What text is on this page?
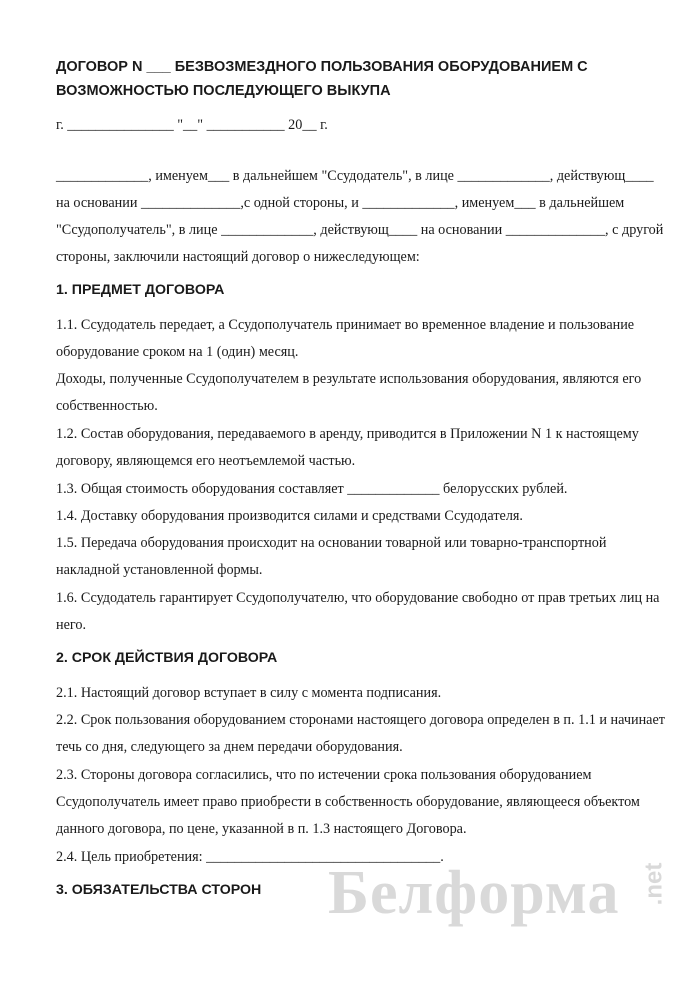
ДОГОВОР N ___ БЕЗВОЗМЕЗДНОГО ПОЛЬЗОВАНИЯ ОБОРУДОВАНИЕМ С
ВОЗМОЖНОСТЬЮ ПОСЛЕДУЮЩЕГО ВЫКУПА
г. _______________ "__" ___________ 20__ г.
_____________, именуем___ в дальнейшем "Ссудодатель", в лице _____________, действующ____
на основании ______________,с одной стороны, и _____________, именуем___ в дальнейшем
"Ссудополучатель", в лице _____________, действующ____ на основании ______________, с другой
стороны, заключили настоящий договор о нижеследующем:
1. ПРЕДМЕТ ДОГОВОРА
1.1. Ссудодатель передает, а Ссудополучатель принимает во временное владение и пользование
оборудование сроком на 1 (один) месяц.
Доходы, полученные Ссудополучателем в результате использования оборудования, являются его
собственностью.
1.2. Состав оборудования, передаваемого в аренду, приводится в Приложении N 1 к настоящему
договору, являющемся его неотъемлемой частью.
1.3. Общая стоимость оборудования составляет _____________ белорусских рублей.
1.4. Доставку оборудования производится силами и средствами Ссудодателя.
1.5. Передача оборудования происходит на основании товарной или товарно-транспортной
накладной установленной формы.
1.6. Ссудодатель гарантирует Ссудополучателю, что оборудование свободно от прав третьих лиц на
него.
2. СРОК ДЕЙСТВИЯ ДОГОВОРА
2.1. Настоящий договор вступает в силу с момента подписания.
2.2. Срок пользования оборудованием сторонами настоящего договора определен в п. 1.1 и начинает
течь со дня, следующего за днем передачи оборудования.
2.3. Стороны договора согласились, что по истечении срока пользования оборудованием
Ссудополучатель имеет право приобрести в собственность оборудование, являющееся объектом
данного договора, по цене, указанной в п. 1.3 настоящего Договора.
2.4. Цель приобретения: _________________________________.
3. ОБЯЗАТЕЛЬСТВА СТОРОН	Белформа .net
